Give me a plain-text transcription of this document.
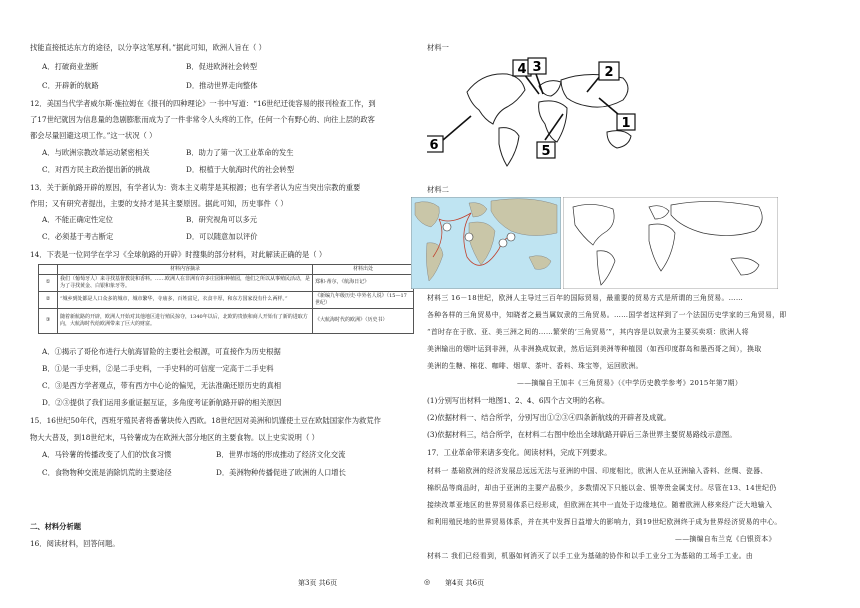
找能直接抵达东方的途径，以分享这笔厚利。”据此可知，欧洲人旨在（ ）
A．打破商业垄断	B．促进欧洲社会转型
C．开辟新的航路	D．推动世界走向整体
12．美国当代学者威尔斯·施拉姆在《报刊的四种理论》一书中写道：“16世纪迁徙容易的报刊检查工作，到
了17世纪就因为信息量的急剧膨胀而成为了一件非常令人头疼的工作，任何一个有野心的、向往上层的政客
都会尽量回避这项工作。”这一状况（ ）
A．与欧洲宗教改革运动紧密相关	B．助力了第一次工业革命的发生
C．对西方民主政治提出新的挑战	D．根植于大航海时代的社会转型
13．关于新航路开辟的原因，有学者认为：资本主义萌芽是其根源；也有学者认为应当突出宗教的重要
作用；又有研究者提出，主要的支持才是其主要原因。据此可知，历史事件（ ）
A．不能正确定性定位	B．研究视角可以多元
C．必须基于考古断定	D．可以随意加以评价
14．下表是一位同学在学习《全球航路的开辟》时搜集的部分材料，对此解读正确的是（ ）
	材料内容摘录	材料出处
①	我们（葡萄牙人）来寻找基督教徒和香料。……欧洲人在非洲有许多庄园和种植园，他们之所以从事殖民活动，是为了寻找黄金、白银和象牙等。	郑和·蒂尔，《航海日记》
②	“城乡到处都是人口众多的城市，城市繁华，寺庙多，百姓富足，衣食丰厚，和东方国家没有什么两样。”	《新编九年级历史·中外名人说》（15—17世纪）
③	随着新航路的开辟，欧洲人开始对其他地区进行殖民掠夺，1340年以后，北欧的贵族和商人开始有了新的进取方向，大航海时代给欧洲带来了巨大的财富。	《大航海时代的欧洲》（历史书）
A．①揭示了哥伦布进行大航海冒险的主要社会根源，可直接作为历史根据
B．①是一手史料，②是二手史料，一手史料的可信度一定高于二手史料
C．③是西方学者观点，带有西方中心论的偏见，无法准确还原历史的真相
D．②③提供了我们运用多重证据互证，多角度考证新航路开辟的相关原因
15．16世纪50年代，西班牙殖民者将番薯块传入西欧。18世纪因对美洲和饥馑使土豆在欧陆国家作为救荒作
物大大普及，到18世纪末，马铃薯成为在欧洲大部分地区的主要食物。以上史实说明（ ）
A．马铃薯的传播改变了人们的饮食习惯	B．世界市场的形成推动了经济文化交流
C．食物物种交流是消除饥荒的主要途径	D．美洲物种传播促进了欧洲的人口增长
二、材料分析题
16．阅读材料，回答问题。
第3页 共6页	◎
材料一
4 3	2
1
5
6
材料二
材料三 16－18世纪，欧洲人主导过三百年的国际贸易，最重要的贸易方式是所谓的三角贸易。……
各种各样的三角贸易中，知晓者之最当属奴隶的三角贸易。……国学者这样到了一个法国历史学家的三角贸易，即
“首时存在于欧、亚、美三洲之间的……繁荣的‘三角贸易’”，其内容是以奴隶为主要买卖项：欧洲人将
美洲输出的烟叶运到非洲，从非洲换成奴隶，然后运到美洲等种植园（如西印度群岛和墨西哥之间），换取
美洲的生糖、棉花、咖啡、烟草、茶叶、香料、珠宝等，运回欧洲。
——摘编自王加丰《三角贸易》（《中学历史教学参考》2015年第7期）
(1)分别写出材料一地图1、2、4、6四个古文明的名称。
(2)依据材料一、结合所学，分别写出①②③④四条新航线的开辟者及成就。
(3)依据材料三，结合所学，在材料二右图中绘出全球航路开辟后三条世界主要贸易路线示意图。
17．工业革命带来诸多变化。阅读材料，完成下列要求。
材料一 基础欧洲的经济发展总远远无法与亚洲的中国、印度相比，欧洲人在从亚洲输入香料、丝绸、瓷器、
棉织品等商品时，却由于亚洲的主要产品极少，多数情况下只能以金、银等贵金属支付。尽管在13、14世纪仍
接续改革亚地区的世界贸易体系已经形成，但欧洲在其中一直处于边缘地位。随着欧洲人移来经广泛大地输入
和利用殖民地的世界贸易体系，并在其中发挥日益增大的影响力，到19世纪欧洲终于成为世界经济贸易的中心。
——摘编自布兰克《白银资本》
材料二 我们已经看到，机器如何消灭了以手工业为基础的协作和以手工业分工为基础的工场手工业。由
第4页 共6页
